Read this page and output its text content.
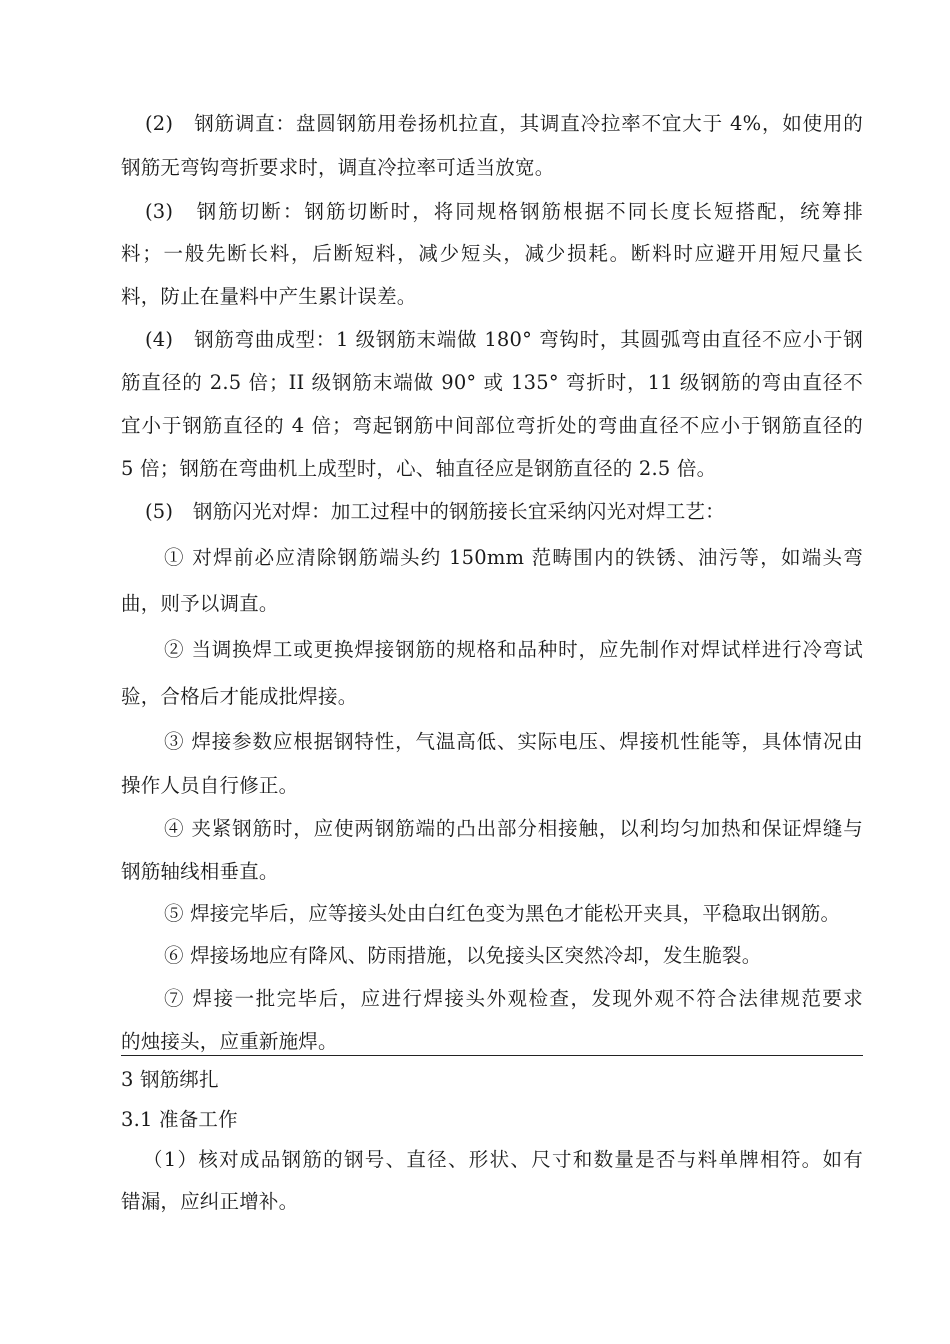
(2)　钢筋调直：盘圆钢筋用卷扬机拉直，其调直冷拉率不宜大于 4%，如使用的
钢筋无弯钩弯折要求时，调直冷拉率可适当放宽。
(3)　钢筋切断：钢筋切断时，将同规格钢筋根据不同长度长短搭配，统筹排
料；一般先断长料，后断短料，减少短头，减少损耗。断料时应避开用短尺量长
料，防止在量料中产生累计误差。
(4)　钢筋弯曲成型：1 级钢筋末端做 180° 弯钩时，其圆弧弯由直径不应小于钢
筋直径的 2.5 倍；II 级钢筋末端做 90° 或 135° 弯折时，11 级钢筋的弯由直径不
宜小于钢筋直径的 4 倍；弯起钢筋中间部位弯折处的弯曲直径不应小于钢筋直径的
5 倍；钢筋在弯曲机上成型时，心、轴直径应是钢筋直径的 2.5 倍。
(5)　钢筋闪光对焊：加工过程中的钢筋接长宜采纳闪光对焊工艺：
① 对焊前必应清除钢筋端头约 150mm 范畴围内的铁锈、油污等，如端头弯
曲，则予以调直。
② 当调换焊工或更换焊接钢筋的规格和品种时，应先制作对焊试样进行冷弯试
验，合格后才能成批焊接。
③ 焊接参数应根据钢特性，气温高低、实际电压、焊接机性能等，具体情况由
操作人员自行修正。
④ 夹紧钢筋时，应使两钢筋端的凸出部分相接触，以利均匀加热和保证焊缝与
钢筋轴线相垂直。
⑤ 焊接完毕后，应等接头处由白红色变为黑色才能松开夹具，平稳取出钢筋。
⑥ 焊接场地应有降风、防雨措施，以免接头区突然冷却，发生脆裂。
⑦ 焊接一批完毕后，应进行焊接头外观检查，发现外观不符合法律规范要求
的烛接头，应重新施焊。
3 钢筋绑扎
3.1 准备工作
（1）核对成品钢筋的钢号、直径、形状、尺寸和数量是否与料单牌相符。如有
错漏，应纠正增补。
